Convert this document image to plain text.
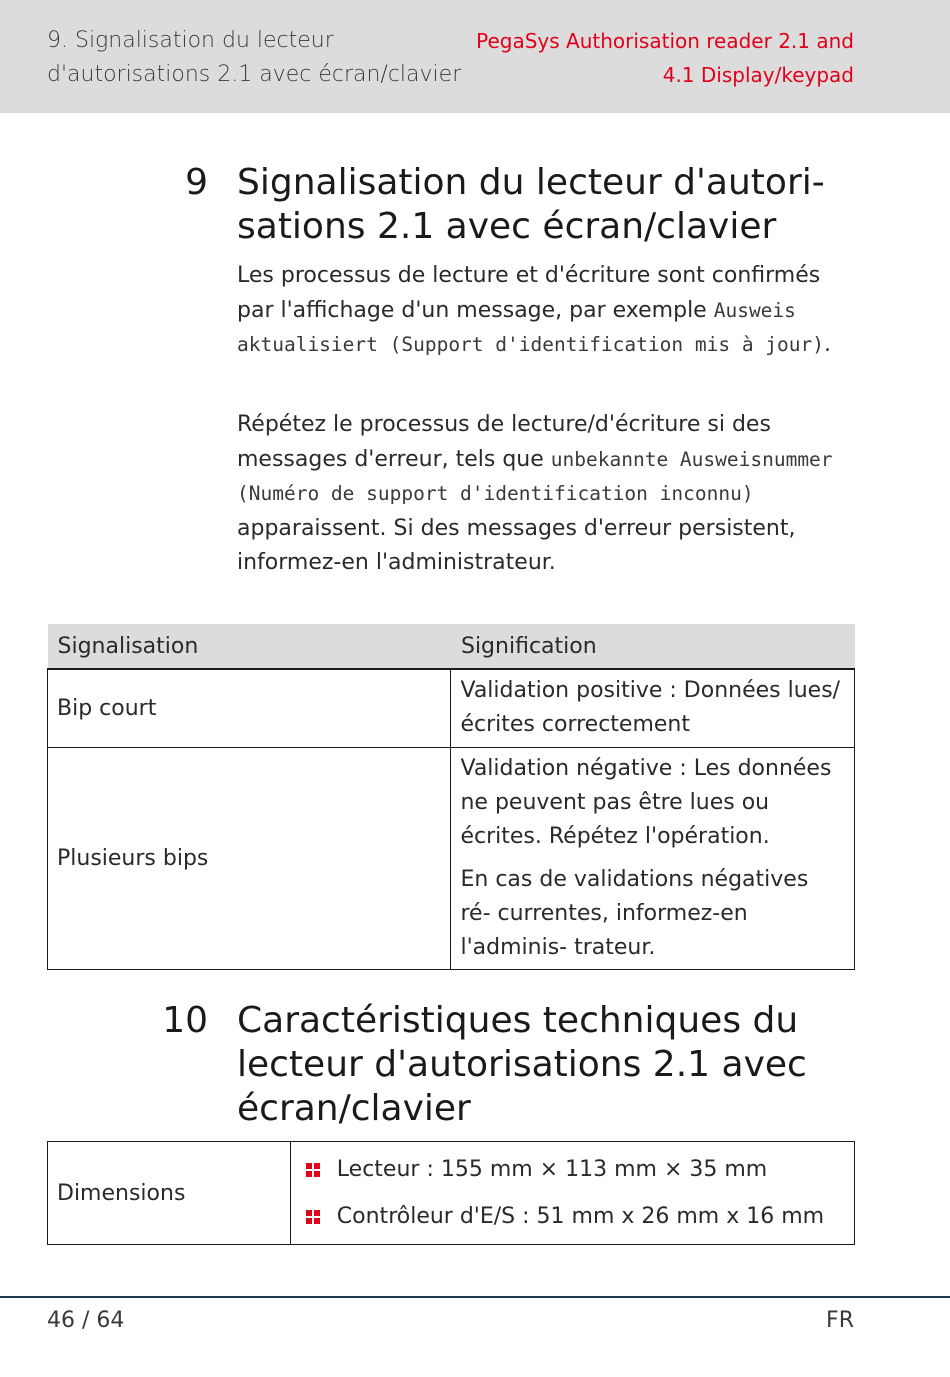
9. Signalisation du lecteur
d'autorisations 2.1 avec écran/clavier
PegaSys Authorisation reader 2.1 and
4.1 Display/keypad
9 Signalisation du lecteur d'autori-
sations 2.1 avec écran/clavier
Les processus de lecture et d'écriture sont confirmés par l'affichage d'un message, par exemple Ausweis aktualisiert (Support d'identification mis à jour).
Répétez le processus de lecture/d'écriture si des messages d'erreur, tels que unbekannte Ausweisnummer (Numéro de support d'identification inconnu) apparaissent. Si des messages d'erreur persistent, informez-en l'administrateur.
Signalisation	Signification
Bip court	Validation positive : Données lues/ écrites correctement

Plusieurs bips	Validation négative : Les données ne peuvent pas être lues ou écrites. Répétez l'opération.

En cas de validations négatives ré- currentes, informez-en l'adminis- trateur.

10 Caractéristiques techniques du
lecteur d'autorisations 2.1 avec
écran/clavier
Dimensions	
Lecteur : 155 mm × 113 mm × 35 mm
Contrôleur d'E/S : 51 mm x 26 mm x 16 mm
46 / 64	FR
